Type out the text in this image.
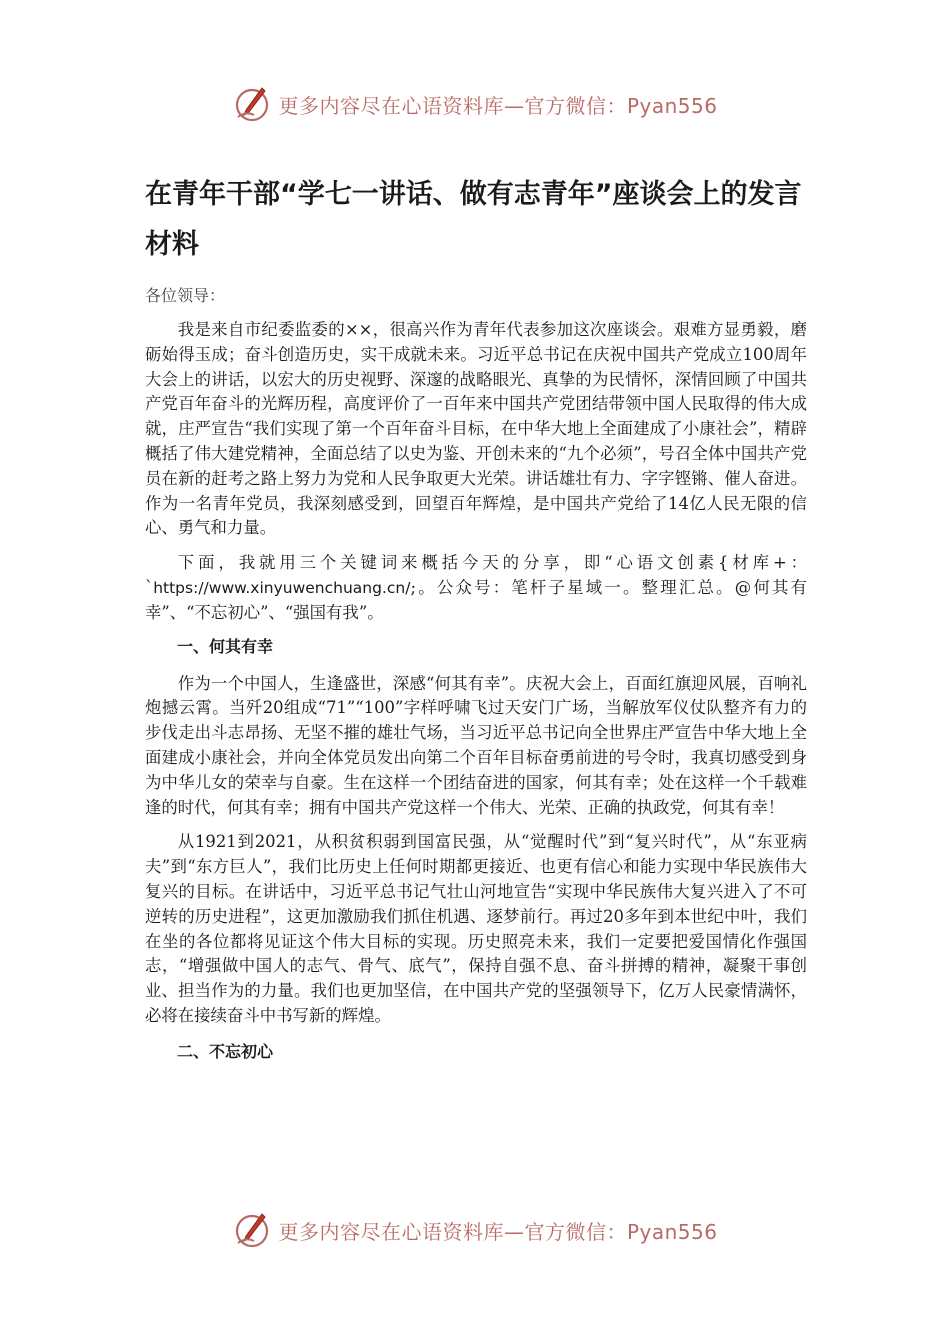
更多内容尽在心语资料库—官方微信：Pyan556
在青年干部“学七一讲话、做有志青年”座谈会上的发言材料
各位领导：

我是来自市纪委监委的××，很高兴作为青年代表参加这次座谈会。艰难方显勇毅，磨砺始得玉成；奋斗创造历史，实干成就未来。习近平总书记在庆祝中国共产党成立100周年大会上的讲话，以宏大的历史视野、深邃的战略眼光、真挚的为民情怀，深情回顾了中国共产党百年奋斗的光辉历程，高度评价了一百年来中国共产党团结带领中国人民取得的伟大成就，庄严宣告“我们实现了第一个百年奋斗目标，在中华大地上全面建成了小康社会”，精辟概括了伟大建党精神，全面总结了以史为鉴、开创未来的“九个必须”，号召全体中国共产党员在新的赶考之路上努力为党和人民争取更大光荣。讲话雄壮有力、字字铿锵、催人奋进。作为一名青年党员，我深刻感受到，回望百年辉煌，是中国共产党给了14亿人民无限的信心、勇气和力量。

下面，我就用三个关键词来概括今天的分享，即“心语文创素{材库+：`https://www.xinyuwenchuang.cn/;。公众号：笔杆子星域一。整理汇总。@何其有幸”、“不忘初心”、“强国有我”。

一、何其有幸

作为一个中国人，生逢盛世，深感“何其有幸”。庆祝大会上，百面红旗迎风展，百响礼炮撼云霄。当歼20组成“71”“100”字样呼啸飞过天安门广场，当解放军仪仗队整齐有力的步伐走出斗志昂扬、无坚不摧的雄壮气场，当习近平总书记向全世界庄严宣告中华大地上全面建成小康社会，并向全体党员发出向第二个百年目标奋勇前进的号令时，我真切感受到身为中华儿女的荣幸与自豪。生在这样一个团结奋进的国家，何其有幸；处在这样一个千载难逢的时代，何其有幸；拥有中国共产党这样一个伟大、光荣、正确的执政党，何其有幸！

从1921到2021，从积贫积弱到国富民强，从“觉醒时代”到“复兴时代”，从“东亚病夫”到“东方巨人”，我们比历史上任何时期都更接近、也更有信心和能力实现中华民族伟大复兴的目标。在讲话中，习近平总书记气壮山河地宣告“实现中华民族伟大复兴进入了不可逆转的历史进程”，这更加激励我们抓住机遇、逐梦前行。再过20多年到本世纪中叶，我们在坐的各位都将见证这个伟大目标的实现。历史照亮未来，我们一定要把爱国情化作强国志，“增强做中国人的志气、骨气、底气”，保持自强不息、奋斗拼搏的精神，凝聚干事创业、担当作为的力量。我们也更加坚信，在中国共产党的坚强领导下，亿万人民豪情满怀，必将在接续奋斗中书写新的辉煌。

二、不忘初心
更多内容尽在心语资料库—官方微信：Pyan556
